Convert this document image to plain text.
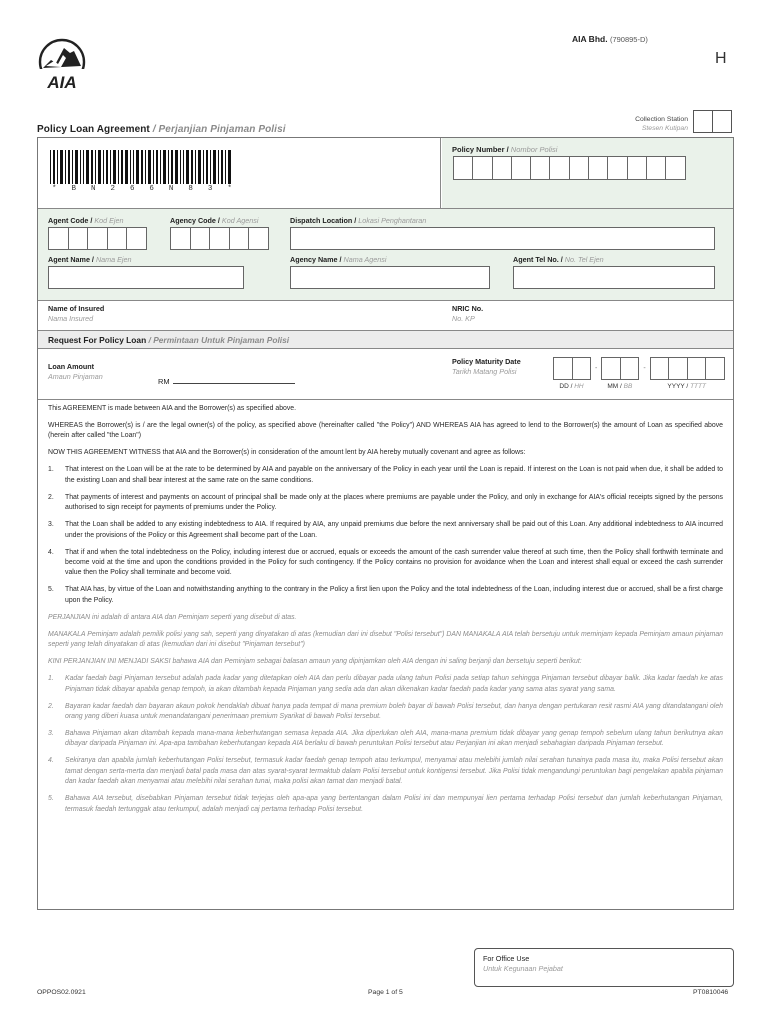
AIA
AIA Bhd. (790895-D)
H
Policy Loan Agreement / Perjanjian Pinjaman Polisi
Collection Station
Stesen Kutipan
* B N 2 6 6 N 8 3 *
Policy Number / Nombor Polisi
Agent Code / Kod Ejen	Agency Code / Kod Agensi	Dispatch Location / Lokasi Penghantaran
Agent Name / Nama Ejen	Agency Name / Nama Agensi	Agent Tel No. / No. Tel Ejen
Name of Insured
Nama Insured
NRIC No.
No. KP
Request For Policy Loan / Permintaan Untuk Pinjaman Polisi
Loan Amount
Amaun Pinjaman
RM
Policy Maturity Date
Tarikh Matang Polisi
DD / HH
-
MM / BB
-
YYYY / TTTT

This AGREEMENT is made between AIA and the Borrower(s) as specified above.

WHEREAS the Borrower(s) is / are the legal owner(s) of the policy, as specified above (hereinafter called "the Policy") AND WHEREAS AIA has agreed to lend to the Borrower(s) the amount of Loan as specified above (herein after called "the Loan")

NOW THIS AGREEMENT WITNESS that AIA and the Borrower(s) in consideration of the amount lent by AIA hereby mutually covenant and agree as follows:

1.	That interest on the Loan will be at the rate to be determined by AIA and payable on the anniversary of the Policy in each year until the Loan is repaid. If interest on the Loan is not paid when due, it shall be added to the existing Loan and shall bear interest at the same rate on the same conditions.
2.	That payments of interest and payments on account of principal shall be made only at the places where premiums are payable under the Policy, and only in exchange for AIA's official receipts signed by the persons authorised to sign receipt for payments of premiums under the Policy.
3.	That the Loan shall be added to any existing indebtedness to AIA. If required by AIA, any unpaid premiums due before the next anniversary shall be paid out of this Loan. Any additional indebtedness to AIA incurred under the provisions of the Policy or this Agreement shall become part of the Loan.
4.	That if and when the total indebtedness on the Policy, including interest due or accrued, equals or exceeds the amount of the cash surrender value thereof at such time, then the Policy shall forthwith terminate and become void at the time and upon the conditions provided in the Policy for such contingency. If the Policy contains no provision for avoidance when the Loan and interest shall equal or exceed the cash surrender value then the Policy shall terminate and become void.
5.	That AIA has, by virtue of the Loan and notwithstanding anything to the contrary in the Policy a first lien upon the Policy and the total indebtedness of the Loan, including interest due or accrued, shall be a first charge upon the Policy.

PERJANJIAN ini adalah di antara AIA dan Peminjam seperti yang disebut di atas.

MANAKALA Peminjam adalah pemilik polisi yang sah, seperti yang dinyatakan di atas (kemudian dari ini disebut "Polisi tersebut") DAN MANAKALA AIA telah bersetuju untuk meminjam kepada Peminjam amaun pinjaman seperti yang telah dinyatakan di atas (kemudian dari ini disebut "Pinjaman tersebut")

KINI PERJANJIAN INI MENJADI SAKSI bahawa AIA dan Peminjam sebagai balasan amaun yang dipinjamkan oleh AIA dengan ini saling berjanji dan bersetuju seperti berikut:

1.	Kadar faedah bagi Pinjaman tersebut adalah pada kadar yang ditetapkan oleh AIA dan perlu dibayar pada ulang tahun Polisi pada setiap tahun sehingga Pinjaman tersebut dibayar balik. Jika kadar faedah ke atas Pinjaman tidak dibayar apabila genap tempoh, ia akan ditambah kepada Pinjaman yang sedia ada dan akan dikenakan kadar faedah pada kadar yang sama atas syarat yang sama.
2.	Bayaran kadar faedah dan bayaran akaun pokok hendaklah dibuat hanya pada tempat di mana premium boleh bayar di bawah Polisi tersebut, dan hanya dengan pertukaran resit rasmi AIA yang ditandatangani oleh orang yang diberi kuasa untuk menandatangani penerimaan premium Syarikat di bawah Polisi tersebut.
3.	Bahawa Pinjaman akan ditambah kepada mana-mana keberhutangan semasa kepada AIA. Jika diperlukan oleh AIA, mana-mana premium tidak dibayar yang genap tempoh sebelum ulang tahun berikutnya akan dibayar daripada Pinjaman ini. Apa-apa tambahan keberhutangan kepada AIA berlaku di bawah peruntukan Polisi tersebut atau Perjanjian ini akan menjadi sebahagian daripada Pinjaman tersebut.
4.	Sekiranya dan apabila jumlah keberhutangan Polisi tersebut, termasuk kadar faedah genap tempoh atau terkumpul, menyamai atau melebihi jumlah nilai serahan tunainya pada masa itu, maka Polisi tersebut akan tamat dengan serta-merta dan menjadi batal pada masa dan atas syarat-syarat termaktub dalam Polisi tersebut untuk kontigensi tersebut. Jika Polisi tidak mengandungi peruntukan bagi pengelakan apabila pinjaman dan kadar faedah akan menyamai atau melebihi nilai serahan tunai, maka polisi akan tamat dan menjadi batal.
5.	Bahawa AIA tersebut, disebabkan Pinjaman tersebut tidak terjejas oleh apa-apa yang bertentangan dalam Polisi ini dan mempunyai lien pertama terhadap Polisi tersebut dan jumlah keberhutangan Pinjaman, termasuk faedah tertunggak atau terkumpul, adalah menjadi caj pertama terhadap Polisi tersebut.
For Office Use
Untuk Kegunaan Pejabat
OPPOS02.0921	Page 1 of 5	PT0810046
